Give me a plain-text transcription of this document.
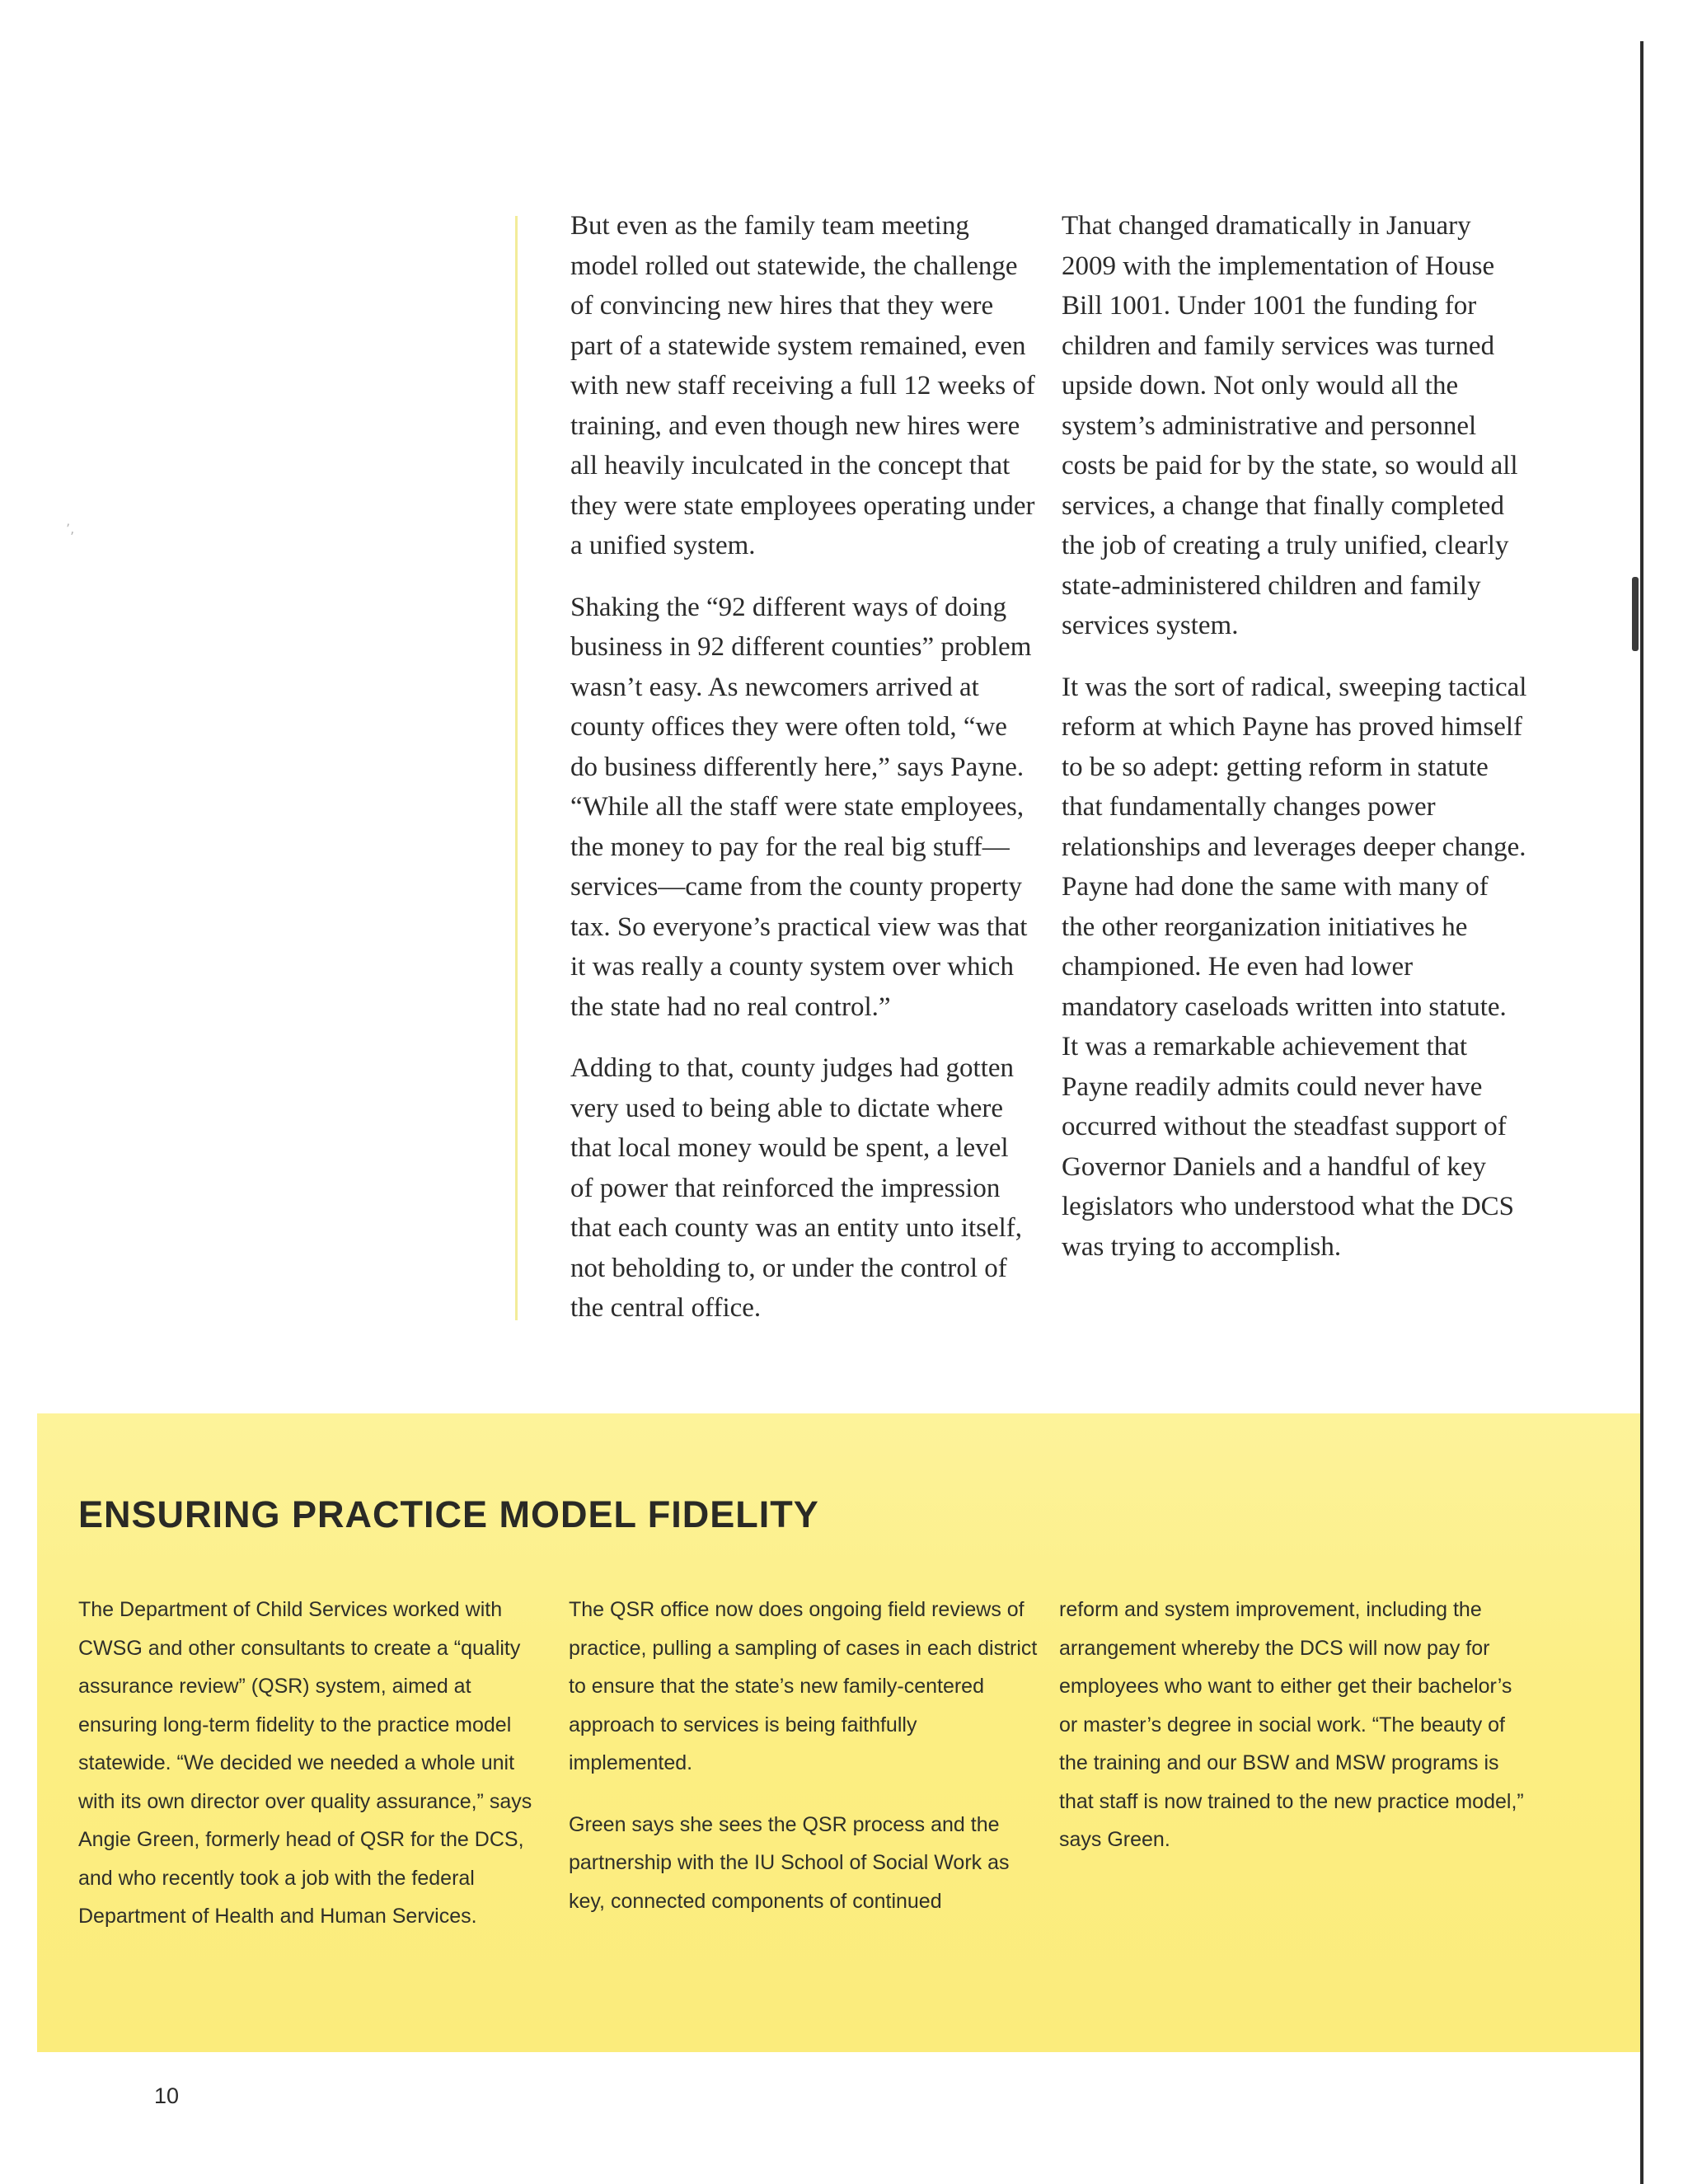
’,

But even as the family team meeting model rolled out statewide, the challenge of convincing new hires that they were part of a statewide system remained, even with new staff receiving a full 12 weeks of training, and even though new hires were all heavily inculcated in the concept that they were state employees operating under a unified system.

Shaking the “92 different ways of doing business in 92 different counties” problem wasn’t easy. As newcomers arrived at county offices they were often told, “we do business differently here,” says Payne. “While all the staff were state employees, the money to pay for the real big stuff—services—came from the county property tax. So everyone’s practical view was that it was really a county system over which the state had no real control.”

Adding to that, county judges had gotten very used to being able to dictate where that local money would be spent, a level of power that reinforced the impression that each county was an entity unto itself, not beholding to, or under the control of the central office.

That changed dramatically in January 2009 with the implementation of House Bill 1001. Under 1001 the funding for children and family services was turned upside down. Not only would all the system’s administrative and personnel costs be paid for by the state, so would all services, a change that finally completed the job of creating a truly unified, clearly state-administered children and family services system.

It was the sort of radical, sweeping tactical reform at which Payne has proved himself to be so adept: getting reform in statute that fundamentally changes power relationships and leverages deeper change. Payne had done the same with many of the other reorganization initiatives he championed. He even had lower mandatory caseloads written into statute. It was a remarkable achievement that Payne readily admits could never have occurred without the steadfast support of Governor Daniels and a handful of key legislators who understood what the DCS was trying to accomplish.

ENSURING PRACTICE MODEL FIDELITY

The Department of Child Services worked with CWSG and other consultants to create a “quality assurance review” (QSR) system, aimed at ensuring long-term fidelity to the practice model statewide. “We decided we needed a whole unit with its own director over quality assurance,” says Angie Green, formerly head of QSR for the DCS, and who recently took a job with the federal Department of Health and Human Services.

The QSR office now does ongoing field reviews of practice, pulling a sampling of cases in each district to ensure that the state’s new family-centered approach to services is being faithfully implemented.

Green says she sees the QSR process and the partnership with the IU School of Social Work as key, connected components of continued

reform and system improvement, including the arrangement whereby the DCS will now pay for employees who want to either get their bachelor’s or master’s degree in social work. “The beauty of the training and our BSW and MSW programs is that staff is now trained to the new practice model,” says Green.

10
